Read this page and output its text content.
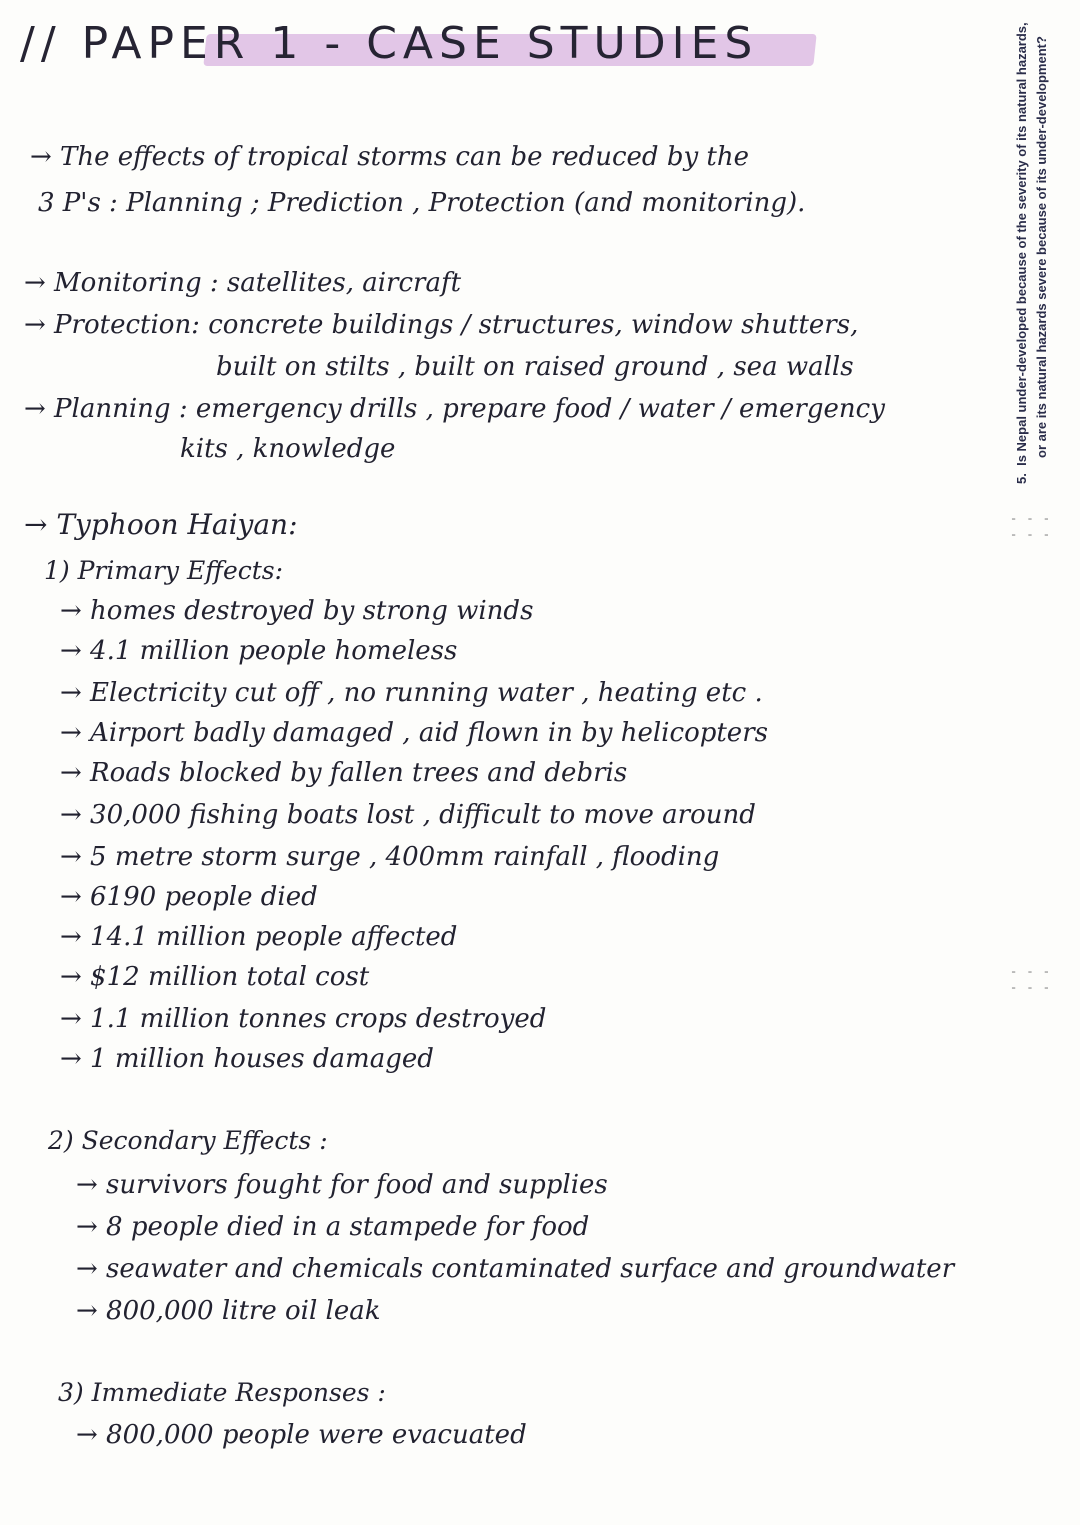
// PAPER 1 - CASE STUDIES
→ The effects of tropical storms can be reduced by the
3 P's : Planning ; Prediction , Protection (and monitoring).
→ Monitoring : satellites, aircraft
→ Protection: concrete buildings / structures, window shutters,
built on stilts , built on raised ground , sea walls
→ Planning : emergency drills , prepare food / water / emergency
kits , knowledge
→ Typhoon Haiyan:
1) Primary Effects:
→ homes destroyed by strong winds
→ 4.1 million people homeless
→ Electricity cut off , no running water , heating etc .
→ Airport badly damaged , aid flown in by helicopters
→ Roads blocked by fallen trees and debris
→ 30,000 fishing boats lost , difficult to move around
→ 5 metre storm surge , 400mm rainfall , flooding
→ 6190 people died
→ 14.1 million people affected
→ $12 million total cost
→ 1.1 million tonnes crops destroyed
→ 1 million houses damaged
2) Secondary Effects :
→ survivors fought for food and supplies
→ 8 people died in a stampede for food
→ seawater and chemicals contaminated surface and groundwater
→ 800,000 litre oil leak
3) Immediate Responses :
→ 800,000 people were evacuated
5.  Is Nepal under-developed because of the severity of its natural hazards, or are its natural hazards severe because of its under-development?
- - -
- - -
- - -
- - -
